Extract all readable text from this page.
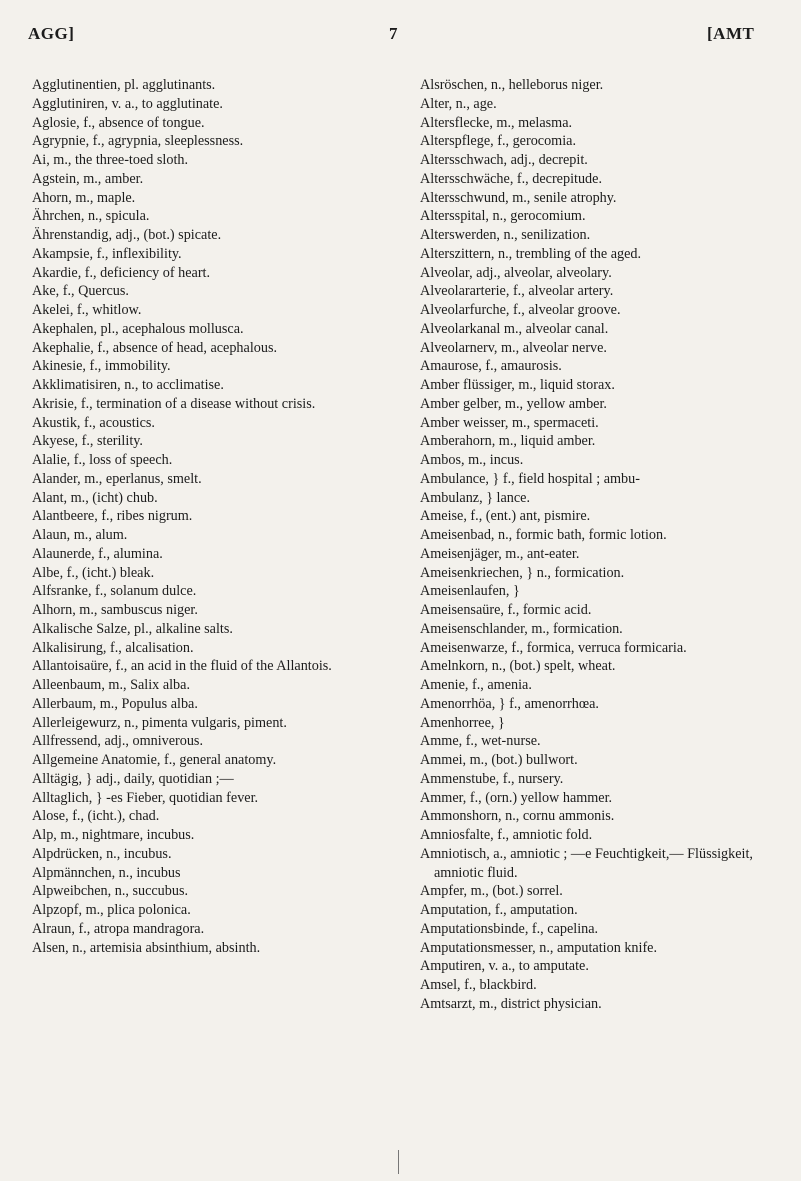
AGG]	7	[AMT

Agglutinentien, pl. agglutinants.

Agglutiniren, v. a., to agglutinate.

Aglosie, f., absence of tongue.

Agrypnie, f., agrypnia, sleeplessness.

Ai, m., the three-toed sloth.

Agstein, m., amber.

Ahorn, m., maple.

Ährchen, n., spicula.

Ährenstandig, adj., (bot.) spicate.

Akampsie, f., inflexibility.

Akardie, f., deficiency of heart.

Ake, f., Quercus.

Akelei, f., whitlow.

Akephalen, pl., acephalous mollusca.

Akephalie, f., absence of head, acephalous.

Akinesie, f., immobility.

Akklimatisiren, n., to acclimatise.

Akrisie, f., termination of a disease without crisis.

Akustik, f., acoustics.

Akyese, f., sterility.

Alalie, f., loss of speech.

Alander, m., eperlanus, smelt.

Alant, m., (icht) chub.

Alantbeere, f., ribes nigrum.

Alaun, m., alum.

Alaunerde, f., alumina.

Albe, f., (icht.) bleak.

Alfsranke, f., solanum dulce.

Alhorn, m., sambuscus niger.

Alkalische Salze, pl., alkaline salts.

Alkalisirung, f., alcalisation.

Allantoisaüre, f., an acid in the fluid of the Allantois.

Alleenbaum, m., Salix alba.

Allerbaum, m., Populus alba.

Allerleigewurz, n., pimenta vulgaris, piment.

Allfressend, adj., omniverous.

Allgemeine Anatomie, f., general anatomy.

Alltägig, } adj., daily, quotidian ;—

Alltaglich, } -es Fieber, quotidian fever.

Alose, f., (icht.), chad.

Alp, m., nightmare, incubus.

Alpdrücken, n., incubus.

Alpmännchen, n., incubus

Alpweibchen, n., succubus.

Alpzopf, m., plica polonica.

Alraun, f., atropa mandragora.

Alsen, n., artemisia absinthium, absinth.

Alsröschen, n., helleborus niger.

Alter, n., age.

Altersflecke, m., melasma.

Alterspflege, f., gerocomia.

Altersschwach, adj., decrepit.

Altersschwäche, f., decrepitude.

Altersschwund, m., senile atrophy.

Altersspital, n., gerocomium.

Alterswerden, n., senilization.

Alterszittern, n., trembling of the aged.

Alveolar, adj., alveolar, alveolary.

Alveolararterie, f., alveolar artery.

Alveolarfurche, f., alveolar groove.

Alveolarkanal m., alveolar canal.

Alveolarnerv, m., alveolar nerve.

Amaurose, f., amaurosis.

Amber flüssiger, m., liquid storax.

Amber gelber, m., yellow amber.

Amber weisser, m., spermaceti.

Amberahorn, m., liquid amber.

Ambos, m., incus.

Ambulance, } f., field hospital ; ambu-

Ambulanz, } lance.

Ameise, f., (ent.) ant, pismire.

Ameisenbad, n., formic bath, formic lotion.

Ameisenjäger, m., ant-eater.

Ameisenkriechen, } n., formication.

Ameisenlaufen, }

Ameisensaüre, f., formic acid.

Ameisenschlander, m., formication.

Ameisenwarze, f., formica, verruca formicaria.

Amelnkorn, n., (bot.) spelt, wheat.

Amenie, f., amenia.

Amenorrhöa, } f., amenorrhœa.

Amenhorree, }

Amme, f., wet-nurse.

Ammei, m., (bot.) bullwort.

Ammenstube, f., nursery.

Ammer, f., (orn.) yellow hammer.

Ammonshorn, n., cornu ammonis.

Amniosfalte, f., amniotic fold.

Amniotisch, a., amniotic ; —e Feuchtigkeit,— Flüssigkeit, amniotic fluid.

Ampfer, m., (bot.) sorrel.

Amputation, f., amputation.

Amputationsbinde, f., capelina.

Amputationsmesser, n., amputation knife.

Amputiren, v. a., to amputate.

Amsel, f., blackbird.

Amtsarzt, m., district physician.
